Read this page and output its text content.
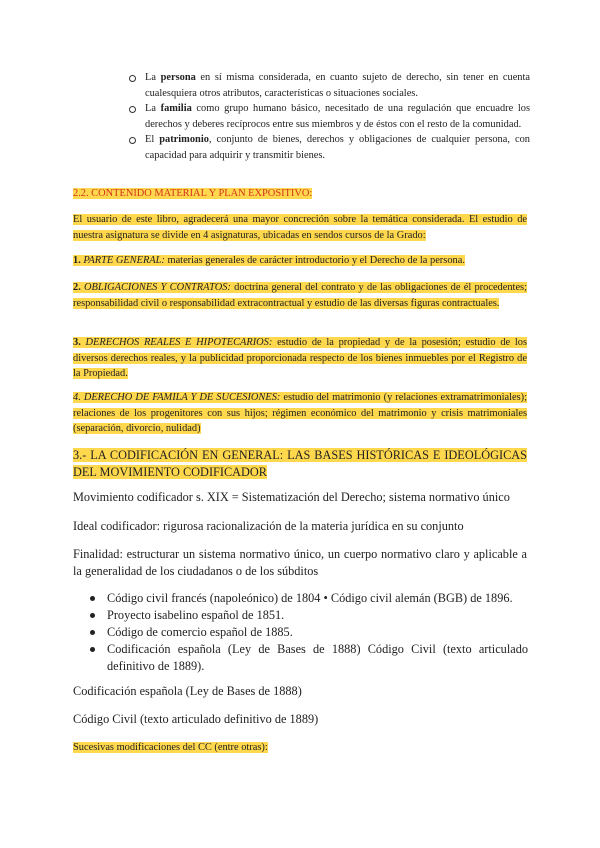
La persona en sí misma considerada, en cuanto sujeto de derecho, sin tener en cuenta cualesquiera otros atributos, características o situaciones sociales.
La familia como grupo humano básico, necesitado de una regulación que encuadre los derechos y deberes recíprocos entre sus miembros y de éstos con el resto de la comunidad.
El patrimonio, conjunto de bienes, derechos y obligaciones de cualquier persona, con capacidad para adquirir y transmitir bienes.

2.2. CONTENIDO MATERIAL Y PLAN EXPOSITIVO:

El usuario de este libro, agradecerá una mayor concreción sobre la temática considerada. El estudio de nuestra asignatura se divide en 4 asignaturas, ubicadas en sendos cursos de la Grado:

1. PARTE GENERAL: materias generales de carácter introductorio y el Derecho de la persona.

2. OBLIGACIONES Y CONTRATOS: doctrina general del contrato y de las obligaciones de él procedentes; responsabilidad civil o responsabilidad extracontractual y estudio de las diversas figuras contractuales.

3. DERECHOS REALES E HIPOTECARIOS: estudio de la propiedad y de la posesión; estudio de los diversos derechos reales, y la publicidad proporcionada respecto de los bienes inmuebles por el Registro de la Propiedad.

4. DERECHO DE FAMILA Y DE SUCESIONES: estudio del matrimonio (y relaciones extramatrimoniales); relaciones de los progenitores con sus hijos; régimen económico del matrimonio y crisis matrimoniales (separación, divorcio, nulidad)

3.- LA CODIFICACIÓN EN GENERAL: LAS BASES HISTÓRICAS E IDEOLÓGICAS DEL MOVIMIENTO CODIFICADOR

Movimiento codificador s. XIX = Sistematización del Derecho; sistema normativo único

Ideal codificador: rigurosa racionalización de la materia jurídica en su conjunto

Finalidad: estructurar un sistema normativo único, un cuerpo normativo claro y aplicable a la generalidad de los ciudadanos o de los súbditos

Código civil francés (napoleónico) de 1804 • Código civil alemán (BGB) de 1896.
Proyecto isabelino español de 1851.
Código de comercio español de 1885.
Codificación española (Ley de Bases de 1888) Código Civil (texto articulado definitivo de 1889).

Codificación española (Ley de Bases de 1888)

Código Civil (texto articulado definitivo de 1889)

Sucesivas modificaciones del CC (entre otras):
